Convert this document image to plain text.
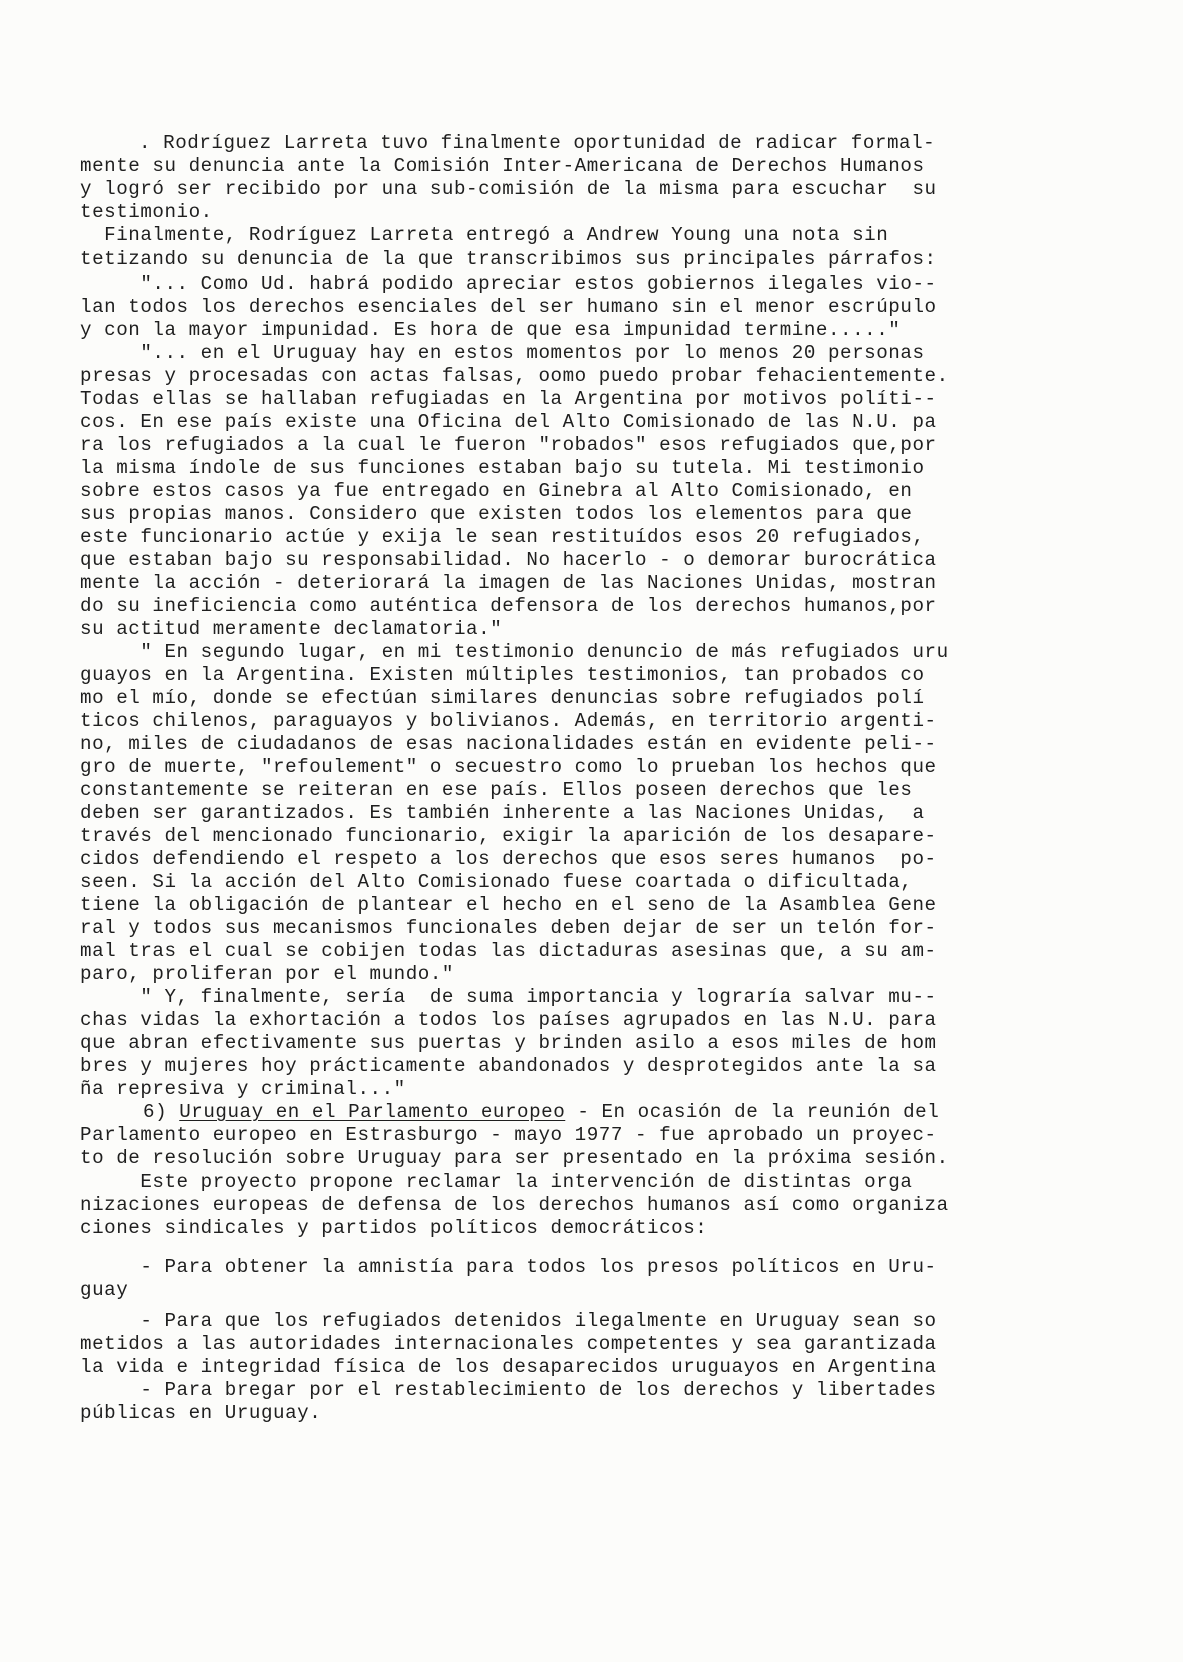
. Rodríguez Larreta tuvo finalmente oportunidad de radicar formal-
mente su denuncia ante la Comisión Inter-Americana de Derechos Humanos
y logró ser recibido por una sub-comisión de la misma para escuchar  su
testimonio.
Finalmente, Rodríguez Larreta entregó a Andrew Young una nota sin
tetizando su denuncia de la que transcribimos sus principales párrafos:
"... Como Ud. habrá podido apreciar estos gobiernos ilegales vio--
lan todos los derechos esenciales del ser humano sin el menor escrúpulo
y con la mayor impunidad. Es hora de que esa impunidad termine....."
"... en el Uruguay hay en estos momentos por lo menos 20 personas
presas y procesadas con actas falsas, oomo puedo probar fehacientemente.
Todas ellas se hallaban refugiadas en la Argentina por motivos políti--
cos. En ese país existe una Oficina del Alto Comisionado de las N.U. pa
ra los refugiados a la cual le fueron "robados" esos refugiados que,por
la misma índole de sus funciones estaban bajo su tutela. Mi testimonio
sobre estos casos ya fue entregado en Ginebra al Alto Comisionado, en
sus propias manos. Considero que existen todos los elementos para que
este funcionario actúe y exija le sean restituídos esos 20 refugiados,
que estaban bajo su responsabilidad. No hacerlo - o demorar burocrática
mente la acción - deteriorará la imagen de las Naciones Unidas, mostran
do su ineficiencia como auténtica defensora de los derechos humanos,por
su actitud meramente declamatoria."
" En segundo lugar, en mi testimonio denuncio de más refugiados uru
guayos en la Argentina. Existen múltiples testimonios, tan probados co
mo el mío, donde se efectúan similares denuncias sobre refugiados polí
ticos chilenos, paraguayos y bolivianos. Además, en territorio argenti-
no, miles de ciudadanos de esas nacionalidades están en evidente peli--
gro de muerte, "refoulement" o secuestro como lo prueban los hechos que
constantemente se reiteran en ese país. Ellos poseen derechos que les
deben ser garantizados. Es también inherente a las Naciones Unidas,  a
través del mencionado funcionario, exigir la aparición de los desapare-
cidos defendiendo el respeto a los derechos que esos seres humanos  po-
seen. Si la acción del Alto Comisionado fuese coartada o dificultada,
tiene la obligación de plantear el hecho en el seno de la Asamblea Gene
ral y todos sus mecanismos funcionales deben dejar de ser un telón for-
mal tras el cual se cobijen todas las dictaduras asesinas que, a su am-
paro, proliferan por el mundo."
" Y, finalmente, sería  de suma importancia y lograría salvar mu--
chas vidas la exhortación a todos los países agrupados en las N.U. para
que abran efectivamente sus puertas y brinden asilo a esos miles de hom
bres y mujeres hoy prácticamente abandonados y desprotegidos ante la sa
ña represiva y criminal..."
6) Uruguay en el Parlamento europeo - En ocasión de la reunión del
Parlamento europeo en Estrasburgo - mayo 1977 - fue aprobado un proyec-
to de resolución sobre Uruguay para ser presentado en la próxima sesión.
Este proyecto propone reclamar la intervención de distintas orga
nizaciones europeas de defensa de los derechos humanos así como organiza
ciones sindicales y partidos políticos democráticos:
- Para obtener la amnistía para todos los presos políticos en Uru-
guay
- Para que los refugiados detenidos ilegalmente en Uruguay sean so
metidos a las autoridades internacionales competentes y sea garantizada
la vida e integridad física de los desaparecidos uruguayos en Argentina
- Para bregar por el restablecimiento de los derechos y libertades
públicas en Uruguay.
